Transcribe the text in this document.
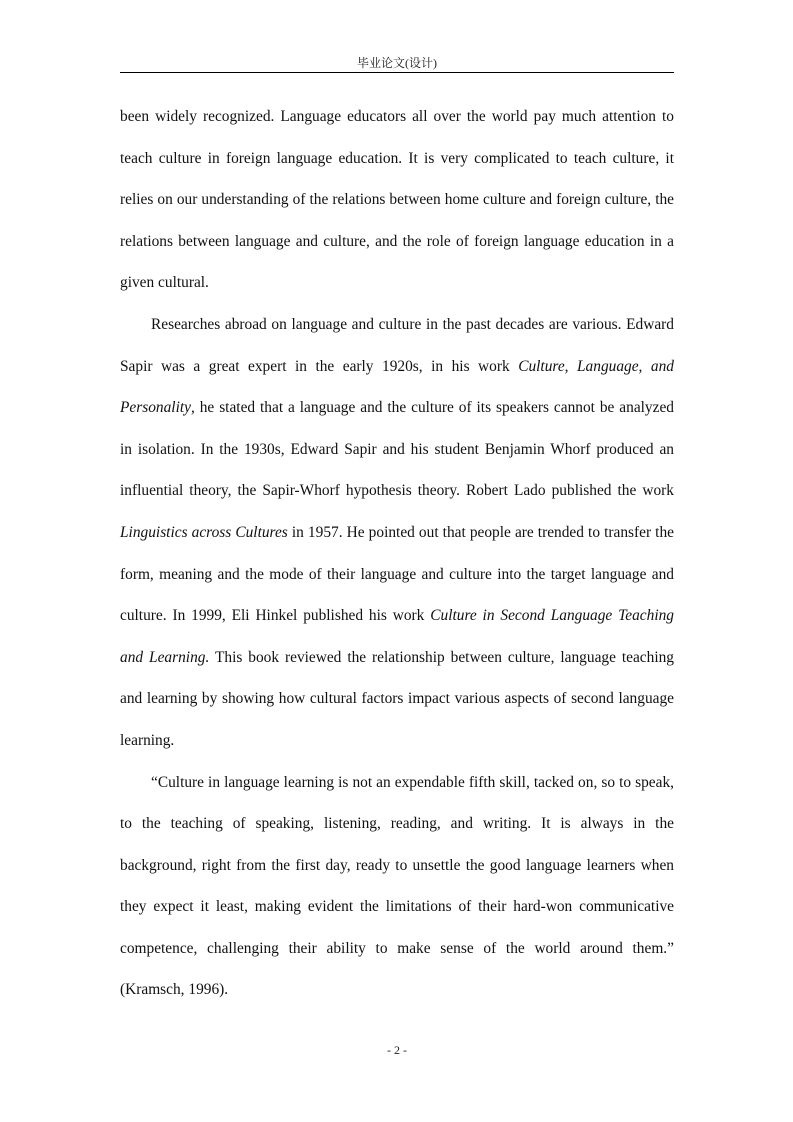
毕业论文(设计)

been widely recognized. Language educators all over the world pay much attention to teach culture in foreign language education. It is very complicated to teach culture, it relies on our understanding of the relations between home culture and foreign culture, the relations between language and culture, and the role of foreign language education in a given cultural.

Researches abroad on language and culture in the past decades are various. Edward Sapir was a great expert in the early 1920s, in his work Culture, Language, and Personality, he stated that a language and the culture of its speakers cannot be analyzed in isolation. In the 1930s, Edward Sapir and his student Benjamin Whorf produced an influential theory, the Sapir-Whorf hypothesis theory. Robert Lado published the work Linguistics across Cultures in 1957. He pointed out that people are trended to transfer the form, meaning and the mode of their language and culture into the target language and culture. In 1999, Eli Hinkel published his work Culture in Second Language Teaching and Learning. This book reviewed the relationship between culture, language teaching and learning by showing how cultural factors impact various aspects of second language learning.

“Culture in language learning is not an expendable fifth skill, tacked on, so to speak, to the teaching of speaking, listening, reading, and writing. It is always in the background, right from the first day, ready to unsettle the good language learners when they expect it least, making evident the limitations of their hard-won communicative competence, challenging their ability to make sense of the world around them.” (Kramsch, 1996).

- 2 -
